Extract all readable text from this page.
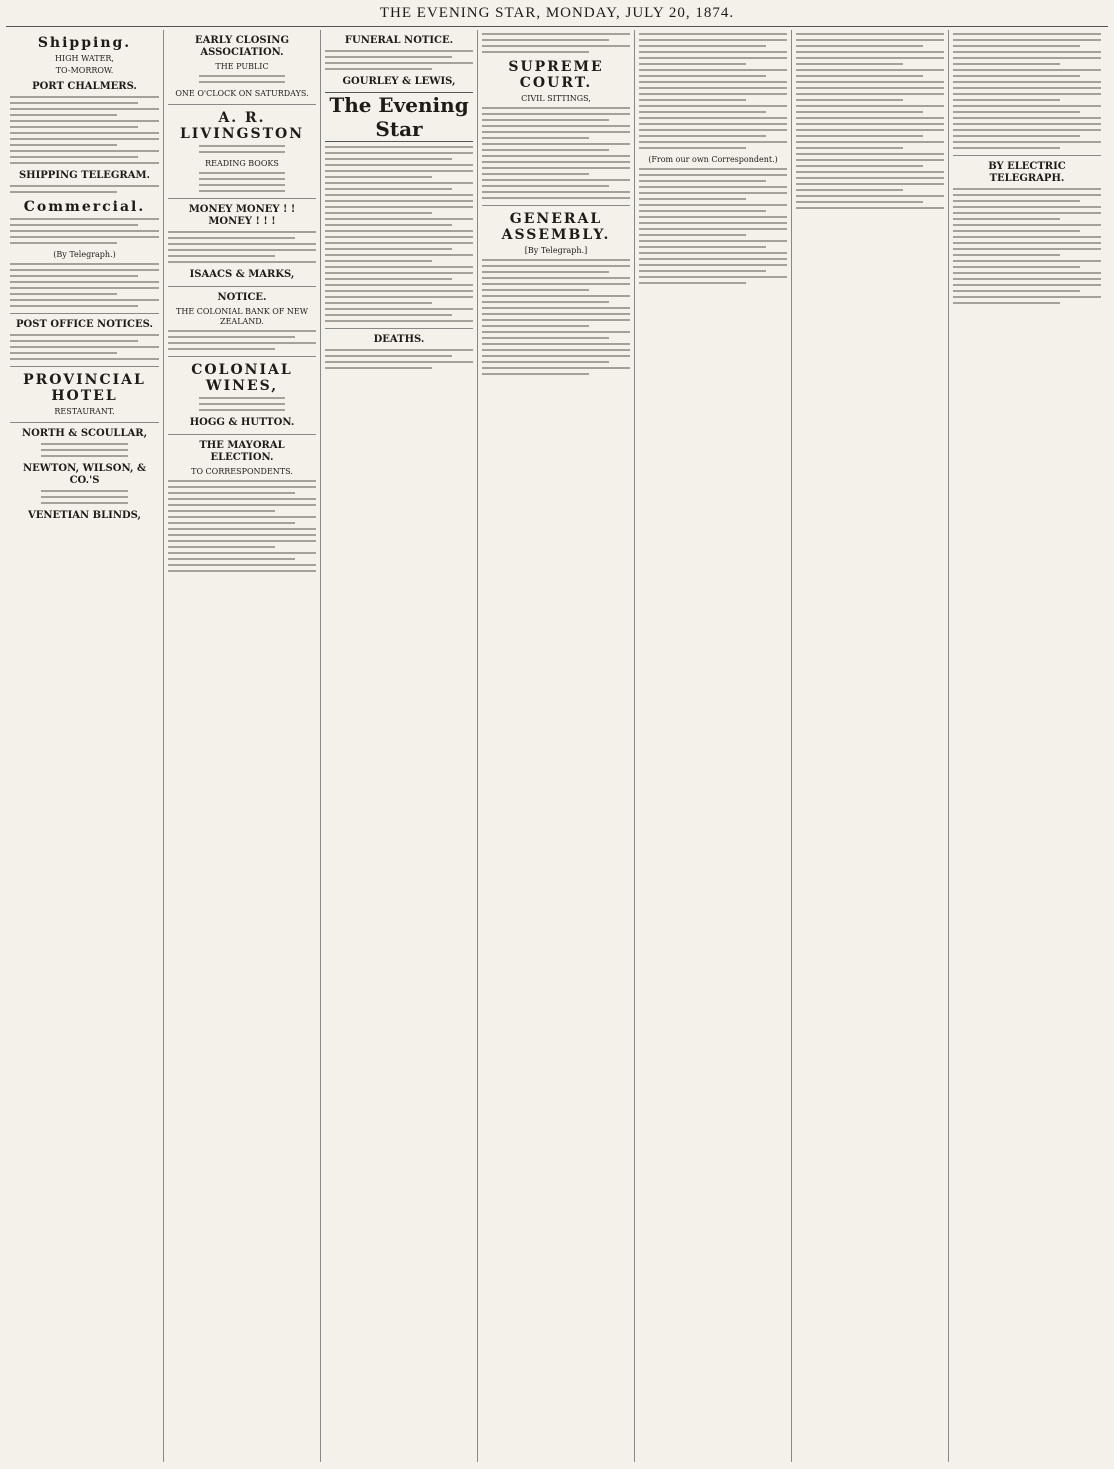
THE EVENING STAR, MONDAY, JULY 20, 1874.
Shipping.
HIGH WATER,
TO-MORROW.
PORT CHALMERS.
SHIPPING TELEGRAM.
Commercial.
(By Telegraph.)
POST OFFICE NOTICES.
PROVINCIAL HOTEL
RESTAURANT.
NORTH & SCOULLAR,
NEWTON, WILSON, & CO.'S
VENETIAN BLINDS,
EARLY CLOSING ASSOCIATION.
THE PUBLIC
ONE O'CLOCK ON SATURDAYS.
A. R. LIVINGSTON
READING BOOKS
MONEY MONEY ! ! MONEY ! ! !
ISAACS & MARKS,
NOTICE.
THE COLONIAL BANK OF NEW ZEALAND.
COLONIAL WINES,
HOGG & HUTTON.
THE MAYORAL ELECTION.
TO CORRESPONDENTS.
FUNERAL NOTICE.
GOURLEY & LEWIS,
The Evening Star
DEATHS.
SUPREME COURT.
CIVIL SITTINGS,
GENERAL ASSEMBLY.
[By Telegraph.]
(From our own Correspondent.)
BY ELECTRIC TELEGRAPH.
